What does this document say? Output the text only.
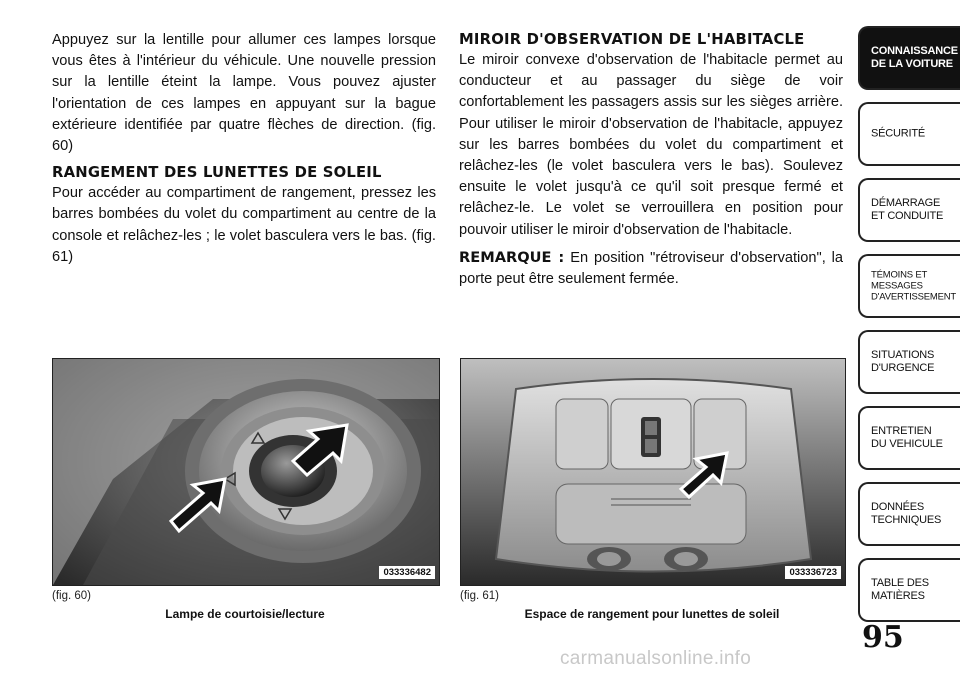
Appuyez sur la lentille pour allumer ces lampes lorsque vous êtes à l'intérieur du véhicule. Une nouvelle pression sur la lentille éteint la lampe. Vous pouvez ajuster l'orientation de ces lampes en appuyant sur la bague extérieure identifiée par quatre flèches de direction. (fig. 60)

RANGEMENT DES LUNETTES DE SOLEIL

Pour accéder au compartiment de rangement, pressez les barres bombées du volet du compartiment au centre de la console et relâchez-les ; le volet basculera vers le bas. (fig. 61)

MIROIR D'OBSERVATION DE L'HABITACLE

Le miroir convexe d'observation de l'habitacle permet au conducteur et au passager du siège de voir confortablement les passagers assis sur les sièges arrière. Pour utiliser le miroir d'observation de l'habitacle, appuyez sur les barres bombées du volet du compartiment et relâchez-les (le volet basculera vers le bas). Soulevez ensuite le volet jusqu'à ce qu'il soit presque fermé et relâchez-le. Le volet se verrouillera en position pour pouvoir utiliser le miroir d'observation de l'habitacle.

REMARQUE : En position "rétroviseur d'observation", la porte peut être seulement fermée.

033336482	033336723
(fig. 60)
Lampe de courtoisie/lecture
(fig. 61)
Espace de rangement pour lunettes de soleil
CONNAISSANCE
DE LA VOITURE
SÉCURITÉ
DÉMARRAGE
ET CONDUITE
TÉMOINS ET
MESSAGES
D'AVERTISSEMENT
SITUATIONS
D'URGENCE
ENTRETIEN
DU VEHICULE
DONNÉES
TECHNIQUES
TABLE DES
MATIÈRES
95
carmanualsonline.info
